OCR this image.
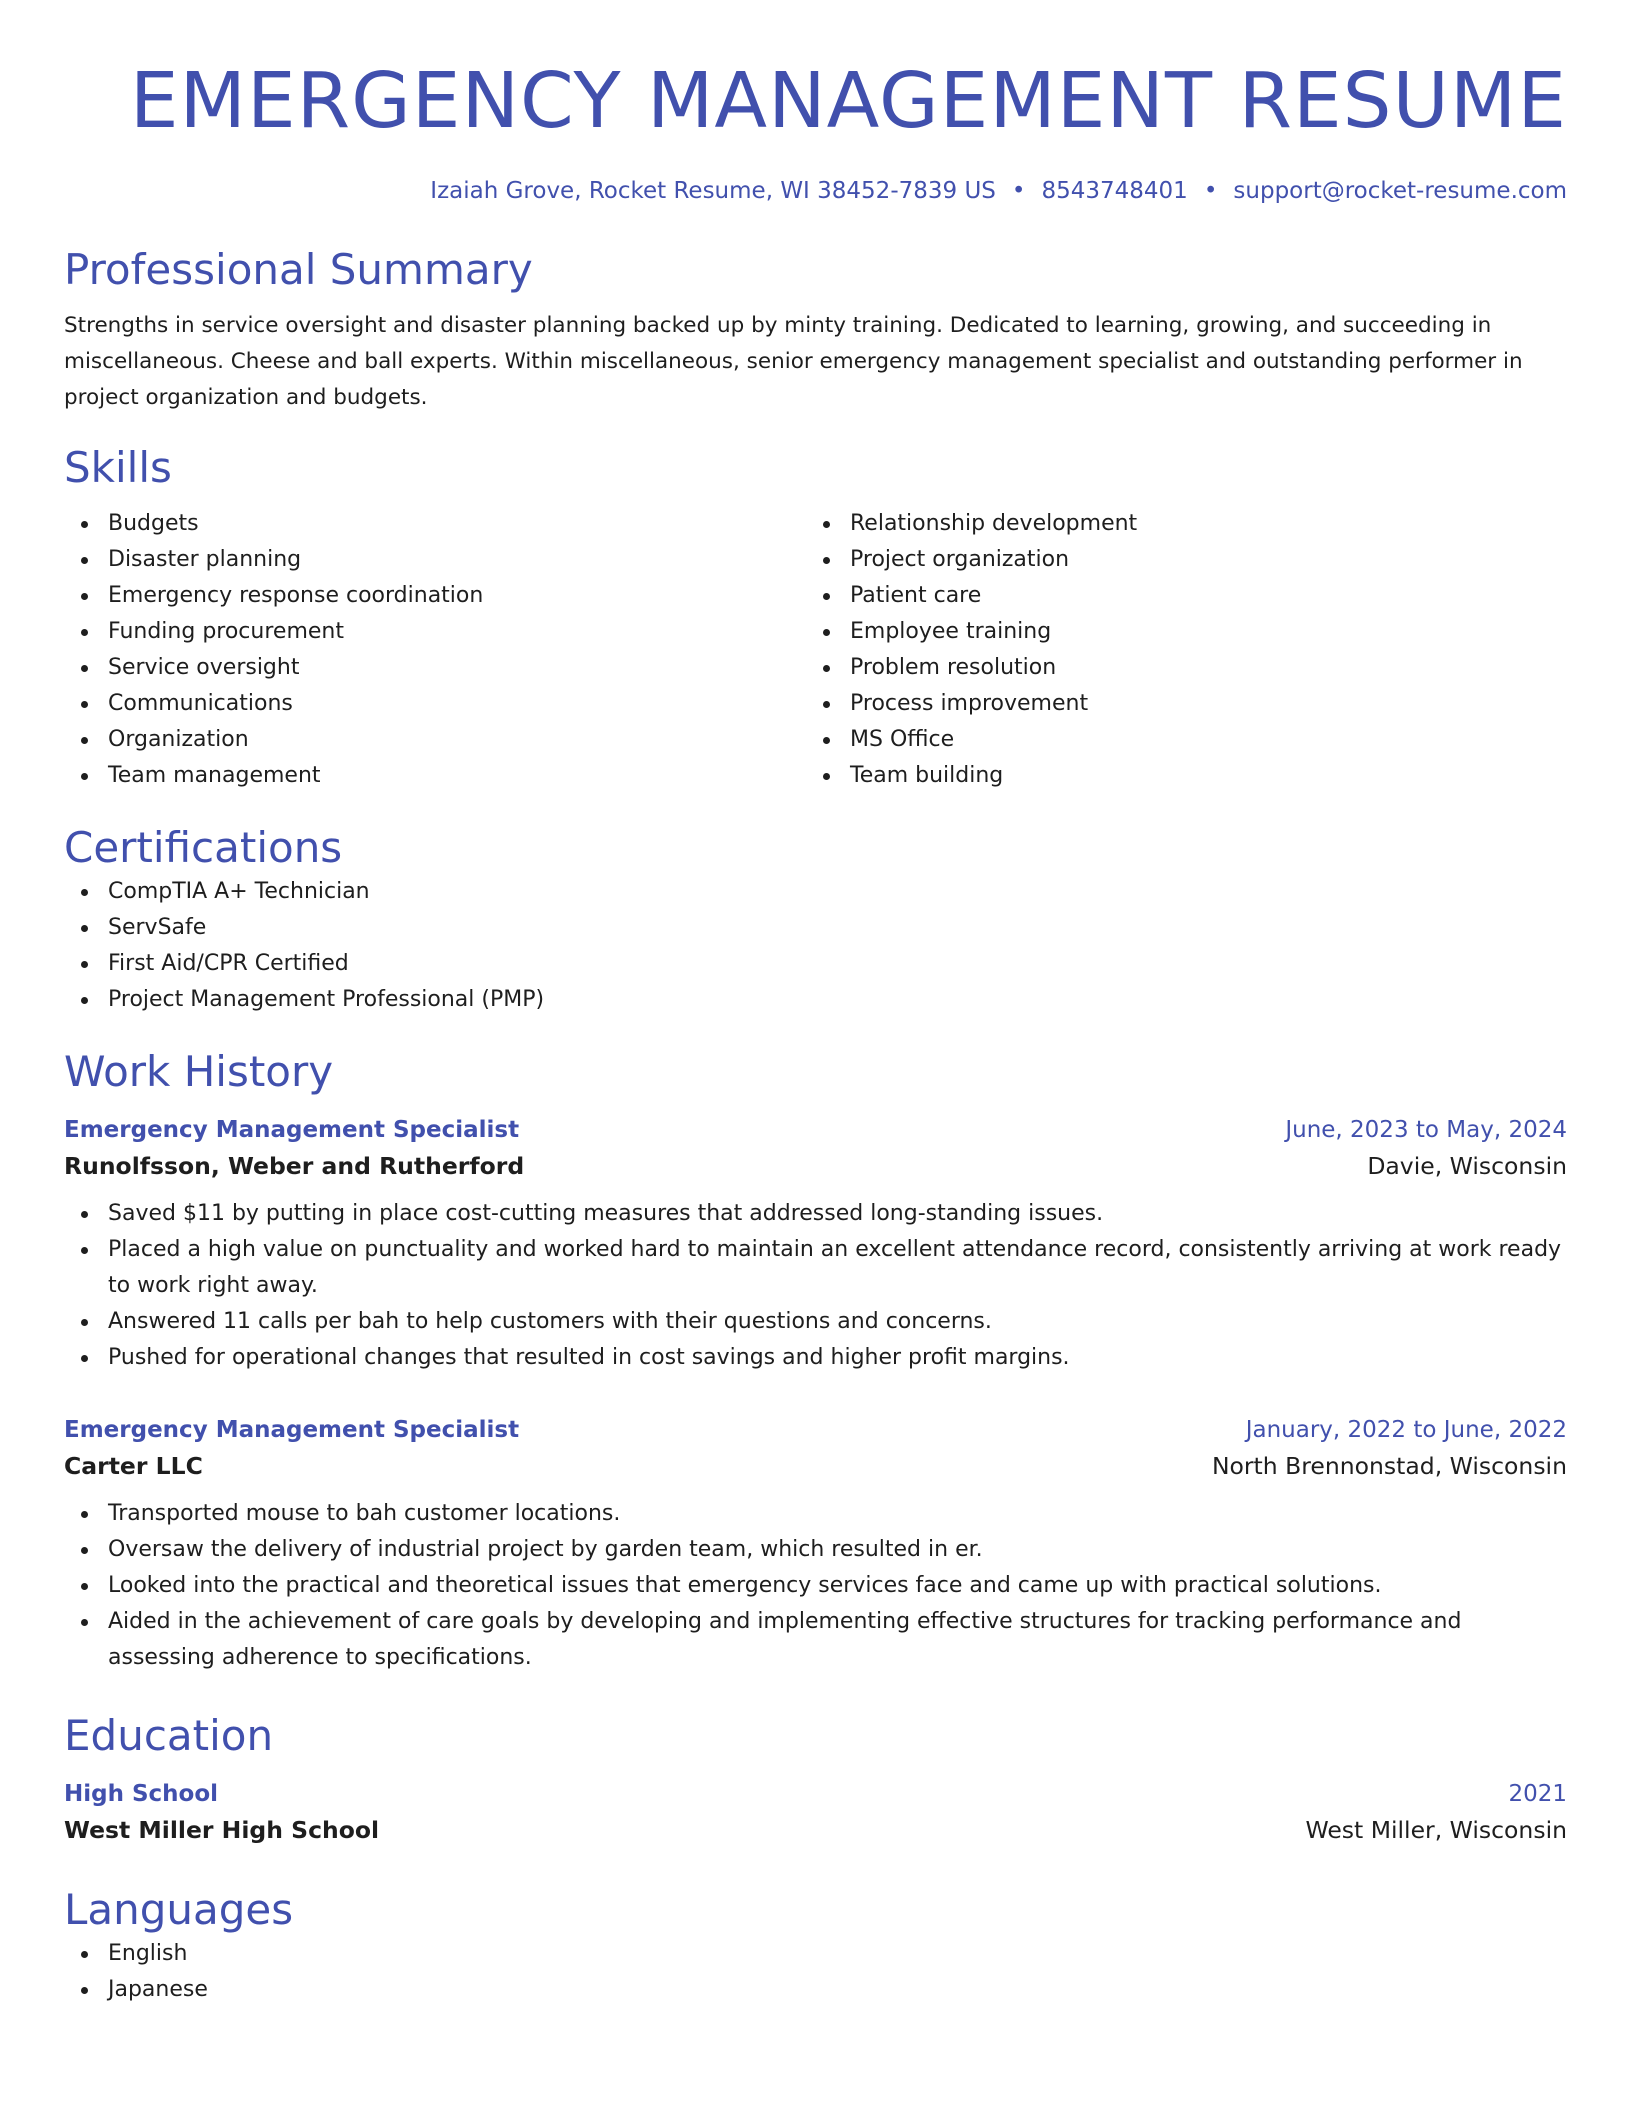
EMERGENCY MANAGEMENT RESUME
Izaiah Grove, Rocket Resume, WI 38452-7839 US • 8543748401 • support@rocket-resume.com
Professional Summary

Strengths in service oversight and disaster planning backed up by minty training. Dedicated to learning, growing, and succeeding in miscellaneous. Cheese and ball experts. Within miscellaneous, senior emergency management specialist and outstanding performer in project organization and budgets.

Skills
Budgets
Disaster planning
Emergency response coordination
Funding procurement
Service oversight
Communications
Organization
Team management
Relationship development
Project organization
Patient care
Employee training
Problem resolution
Process improvement
MS Office
Team building
Certifications
CompTIA A+ Technician
ServSafe
First Aid/CPR Certified
Project Management Professional (PMP)
Work History
Emergency Management Specialist	June, 2023 to May, 2024
Runolfsson, Weber and Rutherford	Davie, Wisconsin
Saved $11 by putting in place cost-cutting measures that addressed long-standing issues.
Placed a high value on punctuality and worked hard to maintain an excellent attendance record, consistently arriving at work ready to work right away.
Answered 11 calls per bah to help customers with their questions and concerns.
Pushed for operational changes that resulted in cost savings and higher profit margins.
Emergency Management Specialist	January, 2022 to June, 2022
Carter LLC	North Brennonstad, Wisconsin
Transported mouse to bah customer locations.
Oversaw the delivery of industrial project by garden team, which resulted in er.
Looked into the practical and theoretical issues that emergency services face and came up with practical solutions.
Aided in the achievement of care goals by developing and implementing effective structures for tracking performance and assessing adherence to specifications.
Education
High School	2021
West Miller High School	West Miller, Wisconsin
Languages
English
Japanese
